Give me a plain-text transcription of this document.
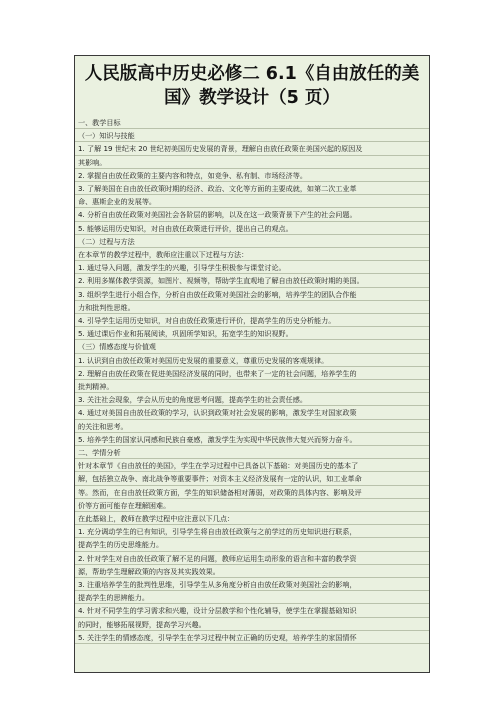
人民版高中历史必修二 6.1《自由放任的美
国》教学设计（5 页）
一、教学目标
（一）知识与技能
1. 了解 19 世纪末 20 世纪初美国历史发展的背景，理解自由放任政策在美国兴起的原因及
其影响。
2. 掌握自由放任政策的主要内容和特点，如竞争、私有制、市场经济等。
3. 了解美国在自由放任政策时期的经济、政治、文化等方面的主要成就，如第二次工业革
命、惠斯企业的发展等。
4. 分析自由放任政策对美国社会各阶层的影响，以及在这一政策背景下产生的社会问题。
5. 能够运用历史知识，对自由放任政策进行评价，提出自己的观点。
（二）过程与方法
在本章节的教学过程中，教师应注重以下过程与方法：
1. 通过导入问题，激发学生的兴趣，引导学生积极参与课堂讨论。
2. 利用多媒体教学资源，如图片、视频等，帮助学生直观地了解自由放任政策时期的美国。
3. 组织学生进行小组合作，分析自由放任政策对美国社会的影响，培养学生的团队合作能
力和批判性思维。
4. 引导学生运用历史知识，对自由放任政策进行评价，提高学生的历史分析能力。
5. 通过课后作业和拓展阅读，巩固所学知识，拓宽学生的知识视野。
（三）情感态度与价值观
1. 认识到自由放任政策对美国历史发展的重要意义，尊重历史发展的客观规律。
2. 理解自由放任政策在促进美国经济发展的同时，也带来了一定的社会问题，培养学生的
批判精神。
3. 关注社会现象，学会从历史的角度思考问题，提高学生的社会责任感。
4. 通过对美国自由放任政策的学习，认识到政策对社会发展的影响，激发学生对国家政策
的关注和思考。
5. 培养学生的国家认同感和民族自豪感，激发学生为实现中华民族伟大复兴而努力奋斗。
二、学情分析
针对本章节《自由放任的美国》，学生在学习过程中已具备以下基础：对美国历史的基本了
解，包括独立战争、南北战争等重要事件；对资本主义经济发展有一定的认识，如工业革命
等。然而，在自由放任政策方面，学生的知识储备相对薄弱，对政策的具体内容、影响及评
价等方面可能存在理解困难。
在此基础上，教师在教学过程中应注意以下几点：
1. 充分调动学生的已有知识，引导学生将自由放任政策与之前学过的历史知识进行联系，
提高学生的历史思维能力。
2. 针对学生对自由放任政策了解不足的问题，教师应运用生动形象的语言和丰富的教学资
源，帮助学生理解政策的内容及其实践效果。
3. 注重培养学生的批判性思维，引导学生从多角度分析自由放任政策对美国社会的影响，
提高学生的思辨能力。
4. 针对不同学生的学习需求和兴趣，设计分层教学和个性化辅导，使学生在掌握基础知识
的同时，能够拓展视野，提高学习兴趣。
5. 关注学生的情感态度，引导学生在学习过程中树立正确的历史观，培养学生的家国情怀
